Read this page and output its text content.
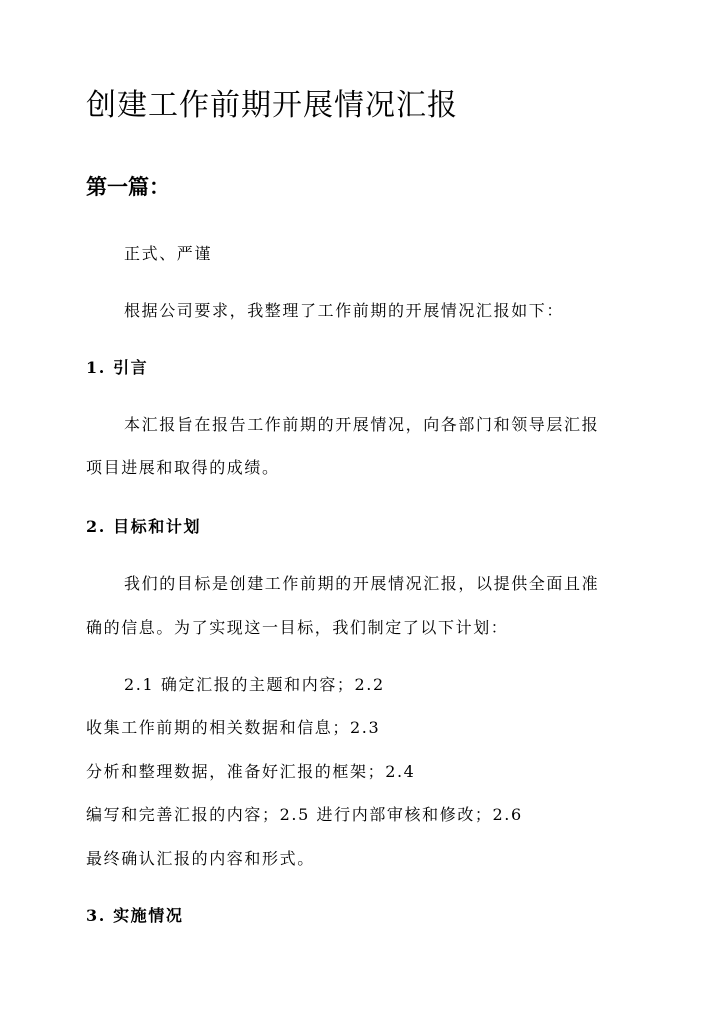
创建工作前期开展情况汇报
第一篇：

正式、严谨

根据公司要求，我整理了工作前期的开展情况汇报如下：

1. 引言

本汇报旨在报告工作前期的开展情况，向各部门和领导层汇报

项目进展和取得的成绩。

2. 目标和计划

我们的目标是创建工作前期的开展情况汇报，以提供全面且准

确的信息。为了实现这一目标，我们制定了以下计划：

2.1 确定汇报的主题和内容；2.2

收集工作前期的相关数据和信息；2.3

分析和整理数据，准备好汇报的框架；2.4

编写和完善汇报的内容；2.5 进行内部审核和修改；2.6

最终确认汇报的内容和形式。

3. 实施情况
